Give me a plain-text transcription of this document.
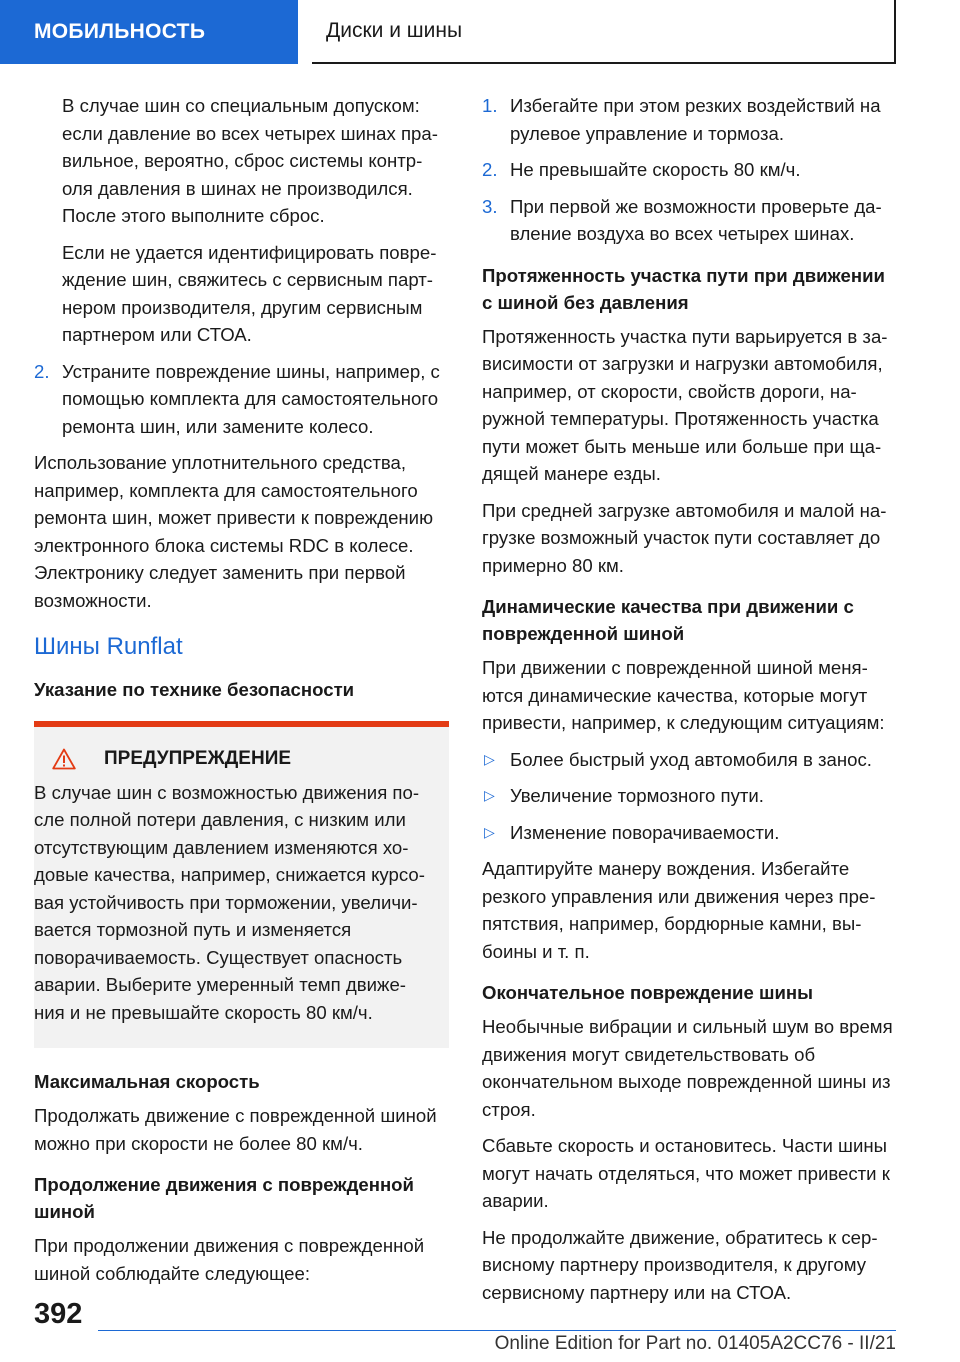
МОБИЛЬНОСТЬ	Диски и шины

В случае шин со специальным допуском: если давление во всех четырех шинах пра-вильное, вероятно, сброс системы контр-оля давления в шинах не производился. После этого выполните сброс.

Если не удается идентифицировать повре-ждение шин, свяжитесь с сервисным парт-нером производителя, другим сервисным партнером или СТОА.

2. Устраните повреждение шины, например, с помощью комплекта для самостоятельного ремонта шин, или замените колесо.

Использование уплотнительного средства, например, комплекта для самостоятельного ремонта шин, может привести к повреждению электронного блока системы RDC в колесе. Электронику следует заменить при первой возможности.

Шины Runflat
Указание по технике безопасности
ПРЕДУПРЕЖДЕНИЕ
В случае шин с возможностью движения по-сле полной потери давления, с низким или отсутствующим давлением изменяются хо-довые качества, например, снижается курсо-вая устойчивость при торможении, увеличи-вается тормозной путь и изменяется поворачиваемость. Существует опасность аварии. Выберите умеренный темп движе-ния и не превышайте скорость 80 км/ч.
Максимальная скорость

Продолжать движение с поврежденной шиной можно при скорости не более 80 км/ч.

Продолжение движения с поврежденной шиной

При продолжении движения с поврежденной шиной соблюдайте следующее:

1. Избегайте при этом резких воздействий на рулевое управление и тормоза.
2. Не превышайте скорость 80 км/ч.
3. При первой же возможности проверьте да-вление воздуха во всех четырех шинах.
Протяженность участка пути при движении с шиной без давления

Протяженность участка пути варьируется в за-висимости от загрузки и нагрузки автомобиля, например, от скорости, свойств дороги, на-ружной температуры. Протяженность участка пути может быть меньше или больше при ща-дящей манере езды.

При средней загрузке автомобиля и малой на-грузке возможный участок пути составляет до примерно 80 км.

Динамические качества при движении с поврежденной шиной

При движении с поврежденной шиной меня-ются динамические качества, которые могут привести, например, к следующим ситуациям:

▷ Более быстрый уход автомобиля в занос.
▷ Увеличение тормозного пути.
▷ Изменение поворачиваемости.

Адаптируйте манеру вождения. Избегайте резкого управления или движения через пре-пятствия, например, бордюрные камни, вы-боины и т. п.

Окончательное повреждение шины

Необычные вибрации и сильный шум во время движения могут свидетельствовать об окончательном выходе поврежденной шины из строя.

Сбавьте скорость и остановитесь. Части шины могут начать отделяться, что может привести к аварии.

Не продолжайте движение, обратитесь к сер-висному партнеру производителя, к другому сервисному партнеру или на СТОА.

392
Online Edition for Part no. 01405A2CC76 - II/21
